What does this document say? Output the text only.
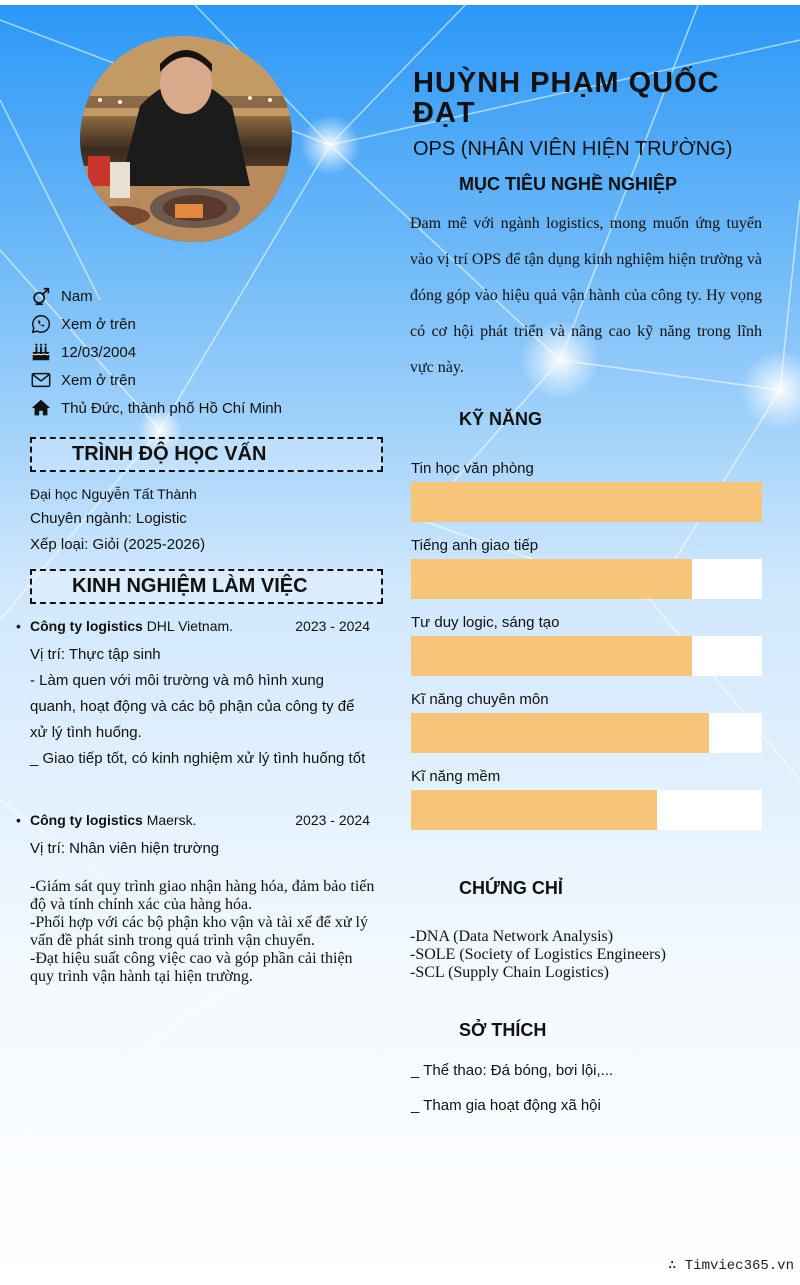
Nam
Xem ở trên
12/03/2004
Xem ở trên
Thủ Đức, thành phố Hồ Chí Minh
TRÌNH ĐỘ HỌC VẤN
Đại học Nguyễn Tất Thành
Chuyên ngành: Logistic
Xếp loại: Giỏi (2025-2026)
KINH NGHIỆM LÀM VIỆC
• Công ty logistics DHL Vietnam.	2023 - 2024
Vị trí: Thực tập sinh
- Làm quen với môi trường và mô hình xung quanh, hoạt động và các bộ phận của công ty để xử lý tình huống.
_ Giao tiếp tốt, có kinh nghiệm xử lý tình huống tốt
• Công ty logistics Maersk.	2023 - 2024
Vị trí: Nhân viên hiện trường
-Giám sát quy trình giao nhận hàng hóa, đảm bảo tiến độ và tính chính xác của hàng hóa.
-Phối hợp với các bộ phận kho vận và tài xế để xử lý vấn đề phát sinh trong quá trình vận chuyển.
-Đạt hiệu suất công việc cao và góp phần cải thiện quy trình vận hành tại hiện trường.
HUỲNH PHẠM QUỐC ĐẠT
OPS (NHÂN VIÊN HIỆN TRƯỜNG)
MỤC TIÊU NGHỀ NGHIỆP
Đam mê với ngành logistics, mong muốn ứng tuyển vào vị trí OPS để tận dụng kinh nghiệm hiện trường và đóng góp vào hiệu quả vận hành của công ty. Hy vọng có cơ hội phát triển và nâng cao kỹ năng trong lĩnh vực này.
KỸ NĂNG
Tin học văn phòng
Tiếng anh giao tiếp
Tư duy logic, sáng tạo
Kĩ năng chuyên môn
Kĩ năng mềm
CHỨNG CHỈ
-DNA (Data Network Analysis)
-SOLE (Society of Logistics Engineers)
-SCL (Supply Chain Logistics)
SỞ THÍCH
_ Thể thao: Đá bóng, bơi lội,...
_ Tham gia hoạt động xã hội
∴ Timviec365.vn
